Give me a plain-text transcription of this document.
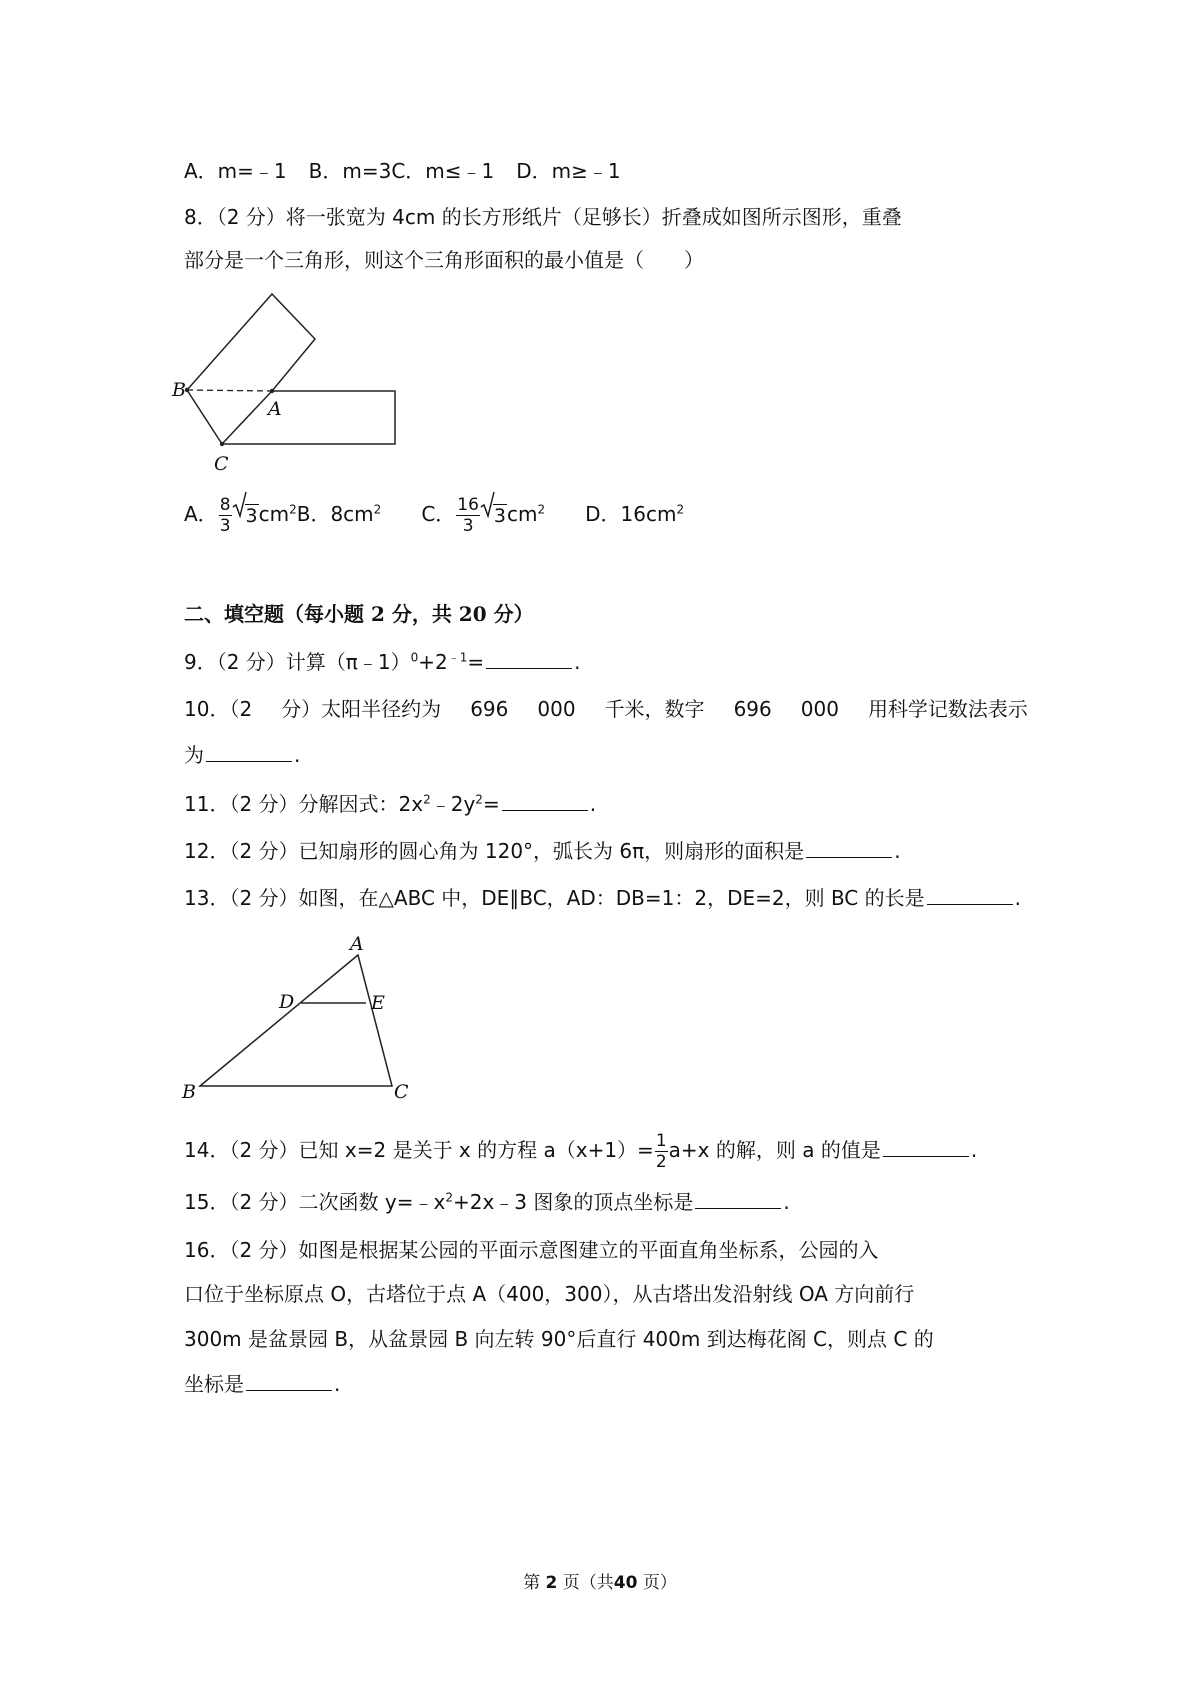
A．m=﹣1 B．m=3C．m≤﹣1 D．m≥﹣1
8．（2 分）将一张宽为 4cm 的长方形纸片（足够长）折叠成如图所示图形，重叠
部分是一个三角形，则这个三角形面积的最小值是（　　）
B
A
C
A． $\frac{8}{3} 3cm^2B$．$8cm^2$ C． $\frac{16}{3} 3cm^2$ D．$16cm^2$
二、填空题（每小题 2 分，共 20 分）
9．（2 分）计算$(\pi﹣1)^0+2^{﹣1}=$	.
10．（2 分）太阳半径约为 696 000 千米，数字 696 000 用科学记数法表示
为	.
11．（2 分）分解因式：$2x^2﹣2y^2=$	.
12．（2 分）已知扇形的圆心角为 120°，弧长为 6π，则扇形的面积是	.
13．（2 分）如图，在△ABC 中，DE∥BC，AD：DB=1：2，DE=2，则 BC 的长是	.
A
D	E
B	C
14．（2 分）已知 x=2 是关于 x 的方程 $a(x+1)= \frac{1}{2} a+x$ 的解，则 a 的值是	.
15．（2 分）二次函数 $y=﹣x^2+2x﹣3$ 图象的顶点坐标是	.
16．（2 分）如图是根据某公园的平面示意图建立的平面直角坐标系，公园的入
口位于坐标原点 O，古塔位于点 A（400，300），从古塔出发沿射线 OA 方向前行
300m 是盆景园 B，从盆景园 B 向左转 90°后直行 400m 到达梅花阁 C，则点 C 的
坐标是	.
第 2 页（共40 页）
